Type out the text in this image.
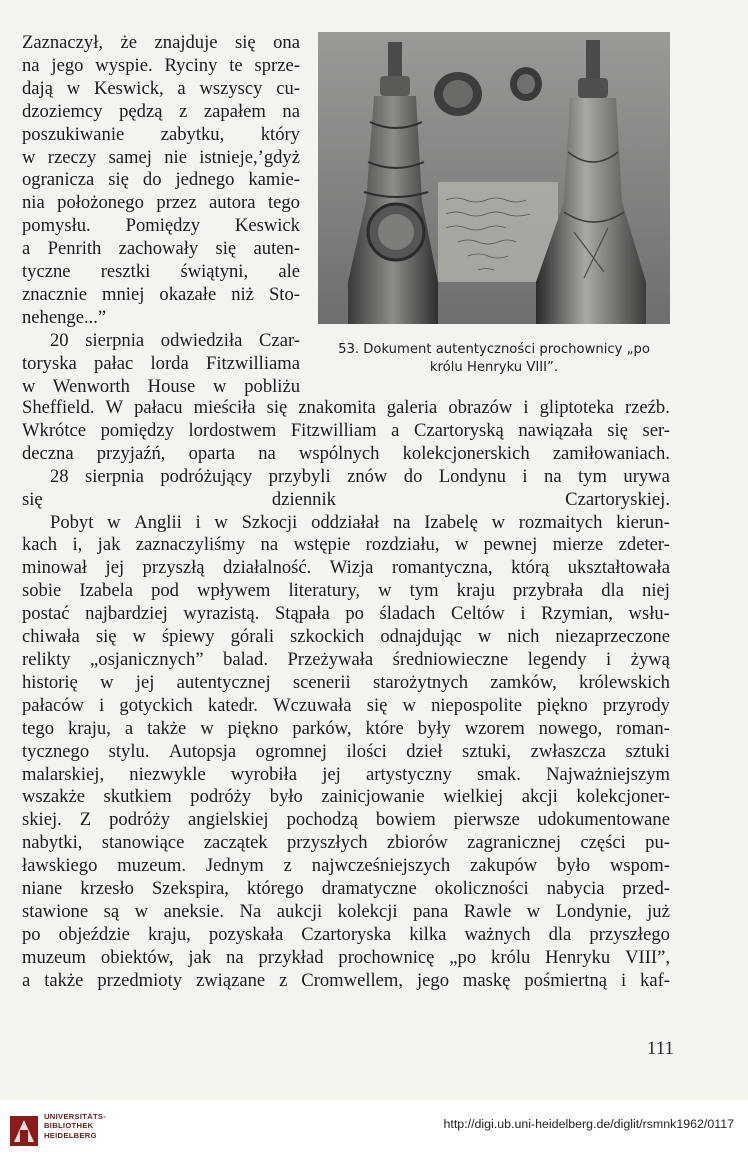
Zaznaczył, że znajduje się ona
na jego wyspie. Ryciny te sprze-
dają w Keswick, a wszyscy cu-
dzoziemcy pędzą z zapałem na
poszukiwanie zabytku, który
w rzeczy samej nie istnieje,’gdyż
ogranicza się do jednego kamie-
nia położonego przez autora tego
pomysłu. Pomiędzy Keswick
a Penrith zachowały się auten-
tyczne resztki świątyni, ale
znacznie mniej okazałe niż Sto-
nehenge...”
20 sierpnia odwiedziła Czar-
toryska pałac lorda Fitzwilliama
w Wenworth House w pobliżu
53. Dokument autentyczności prochownicy „po
królu Henryku VIII”.
Sheffield. W pałacu mieściła się znakomita galeria obrazów i gliptoteka rzeźb.
Wkrótce pomiędzy lordostwem Fitzwilliam a Czartoryską nawiązała się ser-
deczna przyjaźń, oparta na wspólnych kolekcjonerskich zamiłowaniach.
28 sierpnia podróżujący przybyli znów do Londynu i na tym urywa
się dziennik Czartoryskiej.
Pobyt w Anglii i w Szkocji oddziałał na Izabelę w rozmaitych kierun-
kach i, jak zaznaczyliśmy na wstępie rozdziału, w pewnej mierze zdeter-
minował jej przyszłą działalność. Wizja romantyczna, którą ukształtowała
sobie Izabela pod wpływem literatury, w tym kraju przybrała dla niej
postać najbardziej wyrazistą. Stąpała po śladach Celtów i Rzymian, wsłu-
chiwała się w śpiewy górali szkockich odnajdując w nich niezaprzeczone
relikty „osjanicznych” balad. Przeżywała średniowieczne legendy i żywą
historię w jej autentycznej scenerii starożytnych zamków, królewskich
pałaców i gotyckich katedr. Wczuwała się w niepospolite piękno przyrody
tego kraju, a także w piękno parków, które były wzorem nowego, roman-
tycznego stylu. Autopsja ogromnej ilości dzieł sztuki, zwłaszcza sztuki
malarskiej, niezwykle wyrobiła jej artystyczny smak. Najważniejszym
wszakże skutkiem podróży było zainicjowanie wielkiej akcji kolekcjoner-
skiej. Z podróży angielskiej pochodzą bowiem pierwsze udokumentowane
nabytki, stanowiące zaczątek przyszłych zbiorów zagranicznej części pu-
ławskiego muzeum. Jednym z najwcześniejszych zakupów było wspom-
niane krzesło Szekspira, którego dramatyczne okoliczności nabycia przed-
stawione są w aneksie. Na aukcji kolekcji pana Rawle w Londynie, już
po objeździe kraju, pozyskała Czartoryska kilka ważnych dla przyszłego
muzeum obiektów, jak na przykład prochownicę „po królu Henryku VIII”,
a także przedmioty związane z Cromwellem, jego maskę pośmiertną i kaf-
111
UNIVERSITÄTS-
BIBLIOTHEK
HEIDELBERG
http://digi.ub.uni-heidelberg.de/diglit/rsmnk1962/0117
